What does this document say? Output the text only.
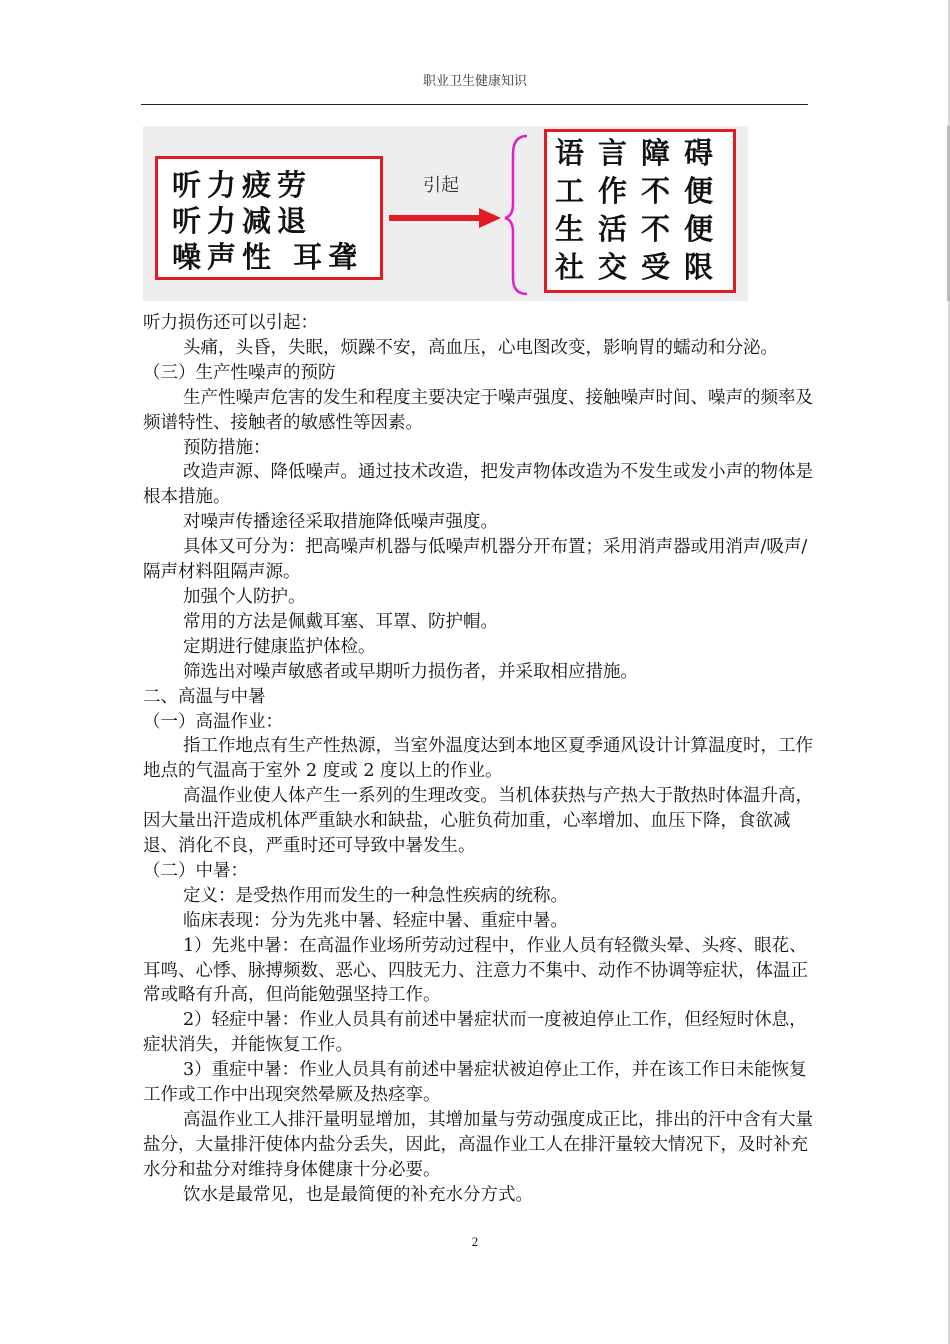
职业卫生健康知识
听力疲劳
听力减退
噪声性 耳聋
引起
语言障碍
工作不便
生活不便
社交受限

听力损伤还可以引起：

头痛，头昏，失眠，烦躁不安，高血压，心电图改变，影响胃的蠕动和分泌。

（三）生产性噪声的预防

生产性噪声危害的发生和程度主要决定于噪声强度、接触噪声时间、噪声的频率及频谱特性、接触者的敏感性等因素。

预防措施：

改造声源、降低噪声。通过技术改造，把发声物体改造为不发生或发小声的物体是根本措施。

对噪声传播途径采取措施降低噪声强度。

具体又可分为：把高噪声机器与低噪声机器分开布置；采用消声器或用消声/吸声/隔声材料阻隔声源。

加强个人防护。

常用的方法是佩戴耳塞、耳罩、防护帽。

定期进行健康监护体检。

筛选出对噪声敏感者或早期听力损伤者，并采取相应措施。

二、高温与中暑

（一）高温作业：

指工作地点有生产性热源，当室外温度达到本地区夏季通风设计计算温度时，工作地点的气温高于室外 2 度或 2 度以上的作业。

高温作业使人体产生一系列的生理改变。当机体获热与产热大于散热时体温升高，因大量出汗造成机体严重缺水和缺盐，心脏负荷加重，心率增加、血压下降，食欲减退、消化不良，严重时还可导致中暑发生。

（二）中暑：

定义：是受热作用而发生的一种急性疾病的统称。

临床表现：分为先兆中暑、轻症中暑、重症中暑。

1）先兆中暑：在高温作业场所劳动过程中，作业人员有轻微头晕、头疼、眼花、耳鸣、心悸、脉搏频数、恶心、四肢无力、注意力不集中、动作不协调等症状，体温正常或略有升高，但尚能勉强坚持工作。

2）轻症中暑：作业人员具有前述中暑症状而一度被迫停止工作，但经短时休息，症状消失，并能恢复工作。

3）重症中暑：作业人员具有前述中暑症状被迫停止工作，并在该工作日未能恢复工作或工作中出现突然晕厥及热痉挛。

高温作业工人排汗量明显增加，其增加量与劳动强度成正比，排出的汗中含有大量盐分，大量排汗使体内盐分丢失，因此，高温作业工人在排汗量较大情况下，及时补充水分和盐分对维持身体健康十分必要。

饮水是最常见，也是最简便的补充水分方式。

2
